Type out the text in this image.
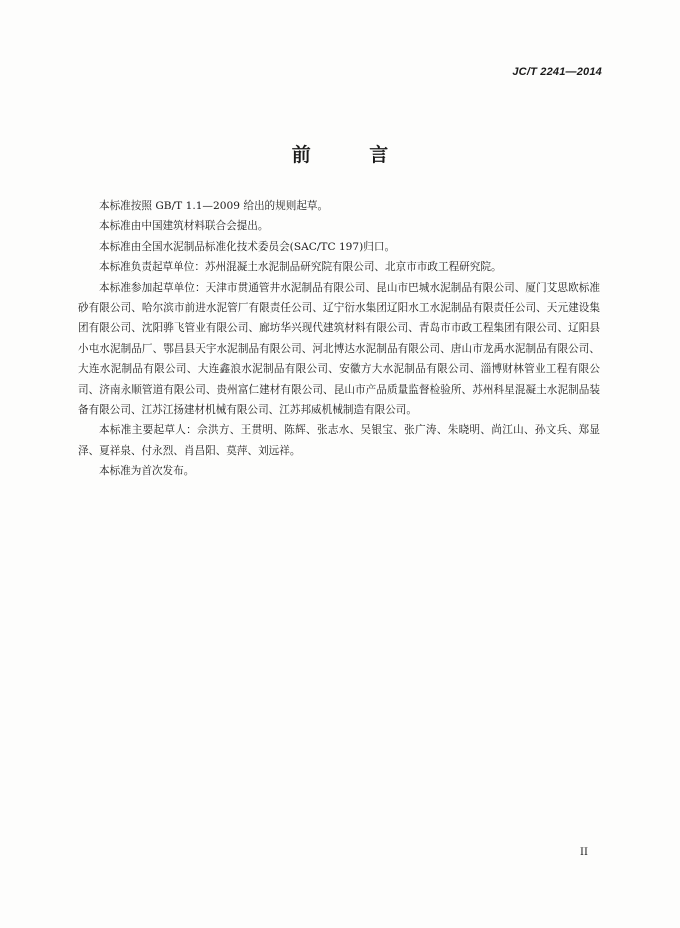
JC/T 2241—2014
前 言

本标准按照 GB/T 1.1—2009 给出的规则起草。

本标准由中国建筑材料联合会提出。

本标准由全国水泥制品标准化技术委员会(SAC/TC 197)归口。

本标准负责起草单位：苏州混凝土水泥制品研究院有限公司、北京市市政工程研究院。

本标准参加起草单位：天津市贯通管井水泥制品有限公司、昆山市巴城水泥制品有限公司、厦门艾思欧标准砂有限公司、哈尔滨市前进水泥管厂有限责任公司、辽宁衍水集团辽阳水工水泥制品有限责任公司、天元建设集团有限公司、沈阳骅飞管业有限公司、廊坊华兴现代建筑材料有限公司、青岛市市政工程集团有限公司、辽阳县小屯水泥制品厂、鄂昌县天宇水泥制品有限公司、河北博达水泥制品有限公司、唐山市龙禹水泥制品有限公司、大连水泥制品有限公司、大连鑫浪水泥制品有限公司、安徽方大水泥制品有限公司、淄博财林管业工程有限公司、济南永顺管道有限公司、贵州富仁建材有限公司、昆山市产品质量监督检验所、苏州科星混凝土水泥制品装备有限公司、江苏江扬建材机械有限公司、江苏邦威机械制造有限公司。

本标准主要起草人：佘洪方、王贯明、陈辉、张志水、吴银宝、张广涛、朱晓明、尚江山、孙文兵、郑显泽、夏祥泉、付永烈、肖昌阳、莫萍、刘远祥。

本标准为首次发布。

II
